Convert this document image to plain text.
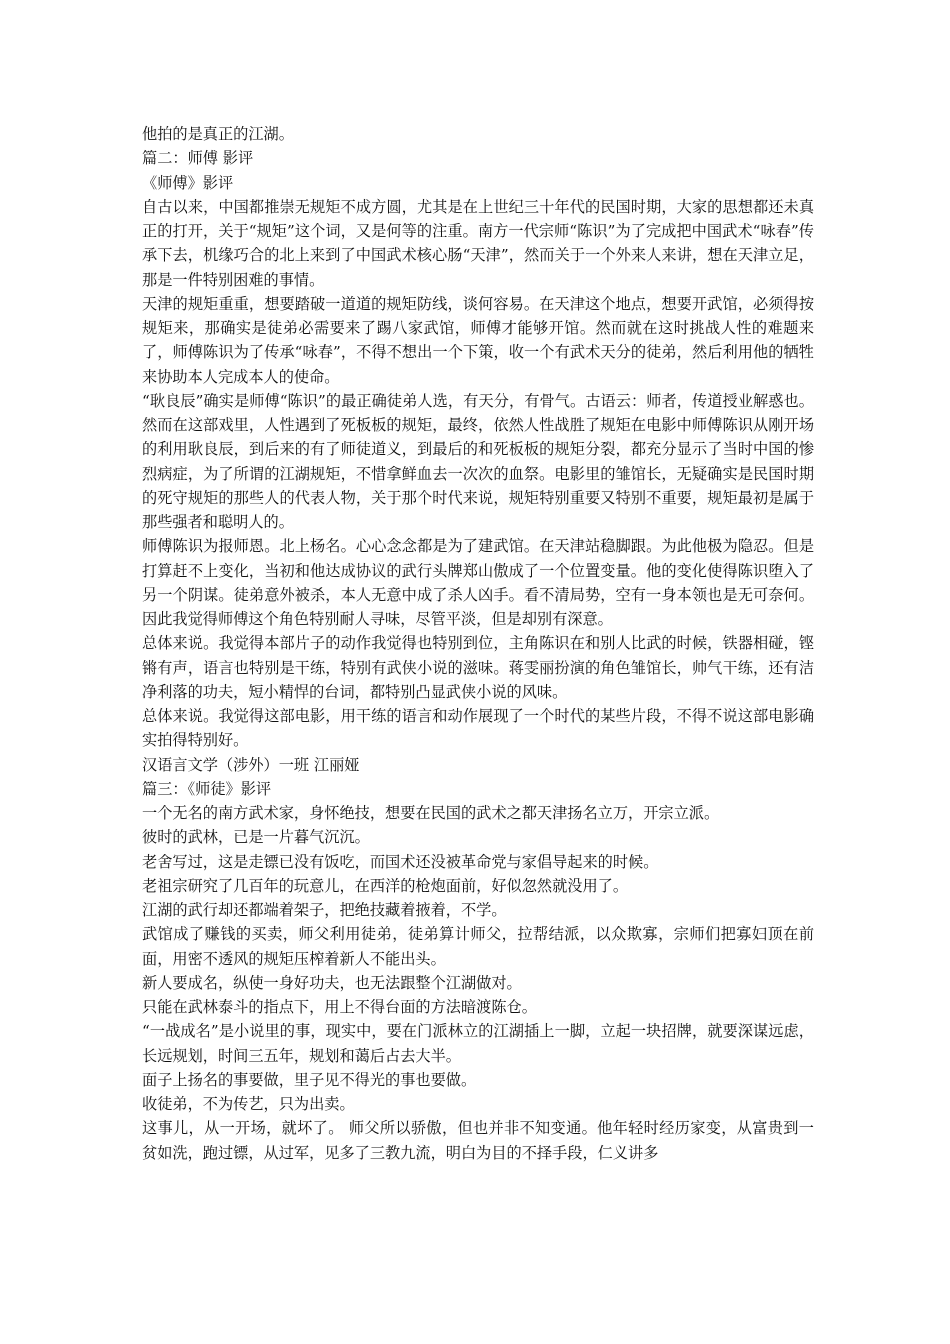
他拍的是真正的江湖。

篇二：师傅 影评

《师傅》影评

自古以来，中国都推崇无规矩不成方圆，尤其是在上世纪三十年代的民国时期，大家的思想都还未真正的打开，关于“规矩”这个词，又是何等的注重。南方一代宗师“陈识”为了完成把中国武术“咏春”传承下去，机缘巧合的北上来到了中国武术核心肠“天津”，然而关于一个外来人来讲，想在天津立足，那是一件特别困难的事情。

天津的规矩重重，想要踏破一道道的规矩防线，谈何容易。在天津这个地点，想要开武馆，必须得按规矩来，那确实是徒弟必需要来了踢八家武馆，师傅才能够开馆。然而就在这时挑战人性的难题来了，师傅陈识为了传承“咏春”，不得不想出一个下策，收一个有武术天分的徒弟，然后利用他的牺牲来协助本人完成本人的使命。

“耿良辰”确实是师傅“陈识”的最正确徒弟人选，有天分，有骨气。古语云：师者，传道授业解惑也。然而在这部戏里，人性遇到了死板板的规矩，最终，依然人性战胜了规矩在电影中师傅陈识从刚开场的利用耿良辰，到后来的有了师徒道义，到最后的和死板板的规矩分裂，都充分显示了当时中国的惨烈病症，为了所谓的江湖规矩，不惜拿鲜血去一次次的血祭。电影里的雏馆长，无疑确实是民国时期的死守规矩的那些人的代表人物，关于那个时代来说，规矩特别重要又特别不重要，规矩最初是属于那些强者和聪明人的。

师傅陈识为报师恩。北上杨名。心心念念都是为了建武馆。在天津站稳脚跟。为此他极为隐忍。但是打算赶不上变化，当初和他达成协议的武行头牌郑山傲成了一个位置变量。他的变化使得陈识堕入了另一个阴谋。徒弟意外被杀，本人无意中成了杀人凶手。看不清局势，空有一身本领也是无可奈何。因此我觉得师傅这个角色特别耐人寻味，尽管平淡，但是却别有深意。

总体来说。我觉得本部片子的动作我觉得也特别到位，主角陈识在和别人比武的时候，铁器相碰，铿锵有声，语言也特别是干练，特别有武侠小说的滋味。蒋雯丽扮演的角色雏馆长，帅气干练，还有洁净利落的功夫，短小精悍的台词，都特别凸显武侠小说的风味。

总体来说。我觉得这部电影，用干练的语言和动作展现了一个时代的某些片段，不得不说这部电影确实拍得特别好。

汉语言文学（涉外）一班 江丽娅

篇三：《师徒》影评

一个无名的南方武术家，身怀绝技，想要在民国的武术之都天津扬名立万，开宗立派。

彼时的武林，已是一片暮气沉沉。

老舍写过，这是走镖已没有饭吃，而国术还没被革命党与家倡导起来的时候。

老祖宗研究了几百年的玩意儿，在西洋的枪炮面前，好似忽然就没用了。

江湖的武行却还都端着架子，把绝技藏着掖着，不学。

武馆成了赚钱的买卖，师父利用徒弟，徒弟算计师父，拉帮结派，以众欺寡，宗师们把寡妇顶在前面，用密不透风的规矩压榨着新人不能出头。

新人要成名，纵使一身好功夫，也无法跟整个江湖做对。

只能在武林泰斗的指点下，用上不得台面的方法暗渡陈仓。

“一战成名”是小说里的事，现实中，要在门派林立的江湖插上一脚，立起一块招牌，就要深谋远虑，长远规划，时间三五年，规划和蔼后占去大半。

面子上扬名的事要做，里子见不得光的事也要做。

收徒弟，不为传艺，只为出卖。

这事儿，从一开场，就坏了。 师父所以骄傲，但也并非不知变通。他年轻时经历家变，从富贵到一贫如洗，跑过镖，从过军，见多了三教九流，明白为目的不择手段，仁义讲多
